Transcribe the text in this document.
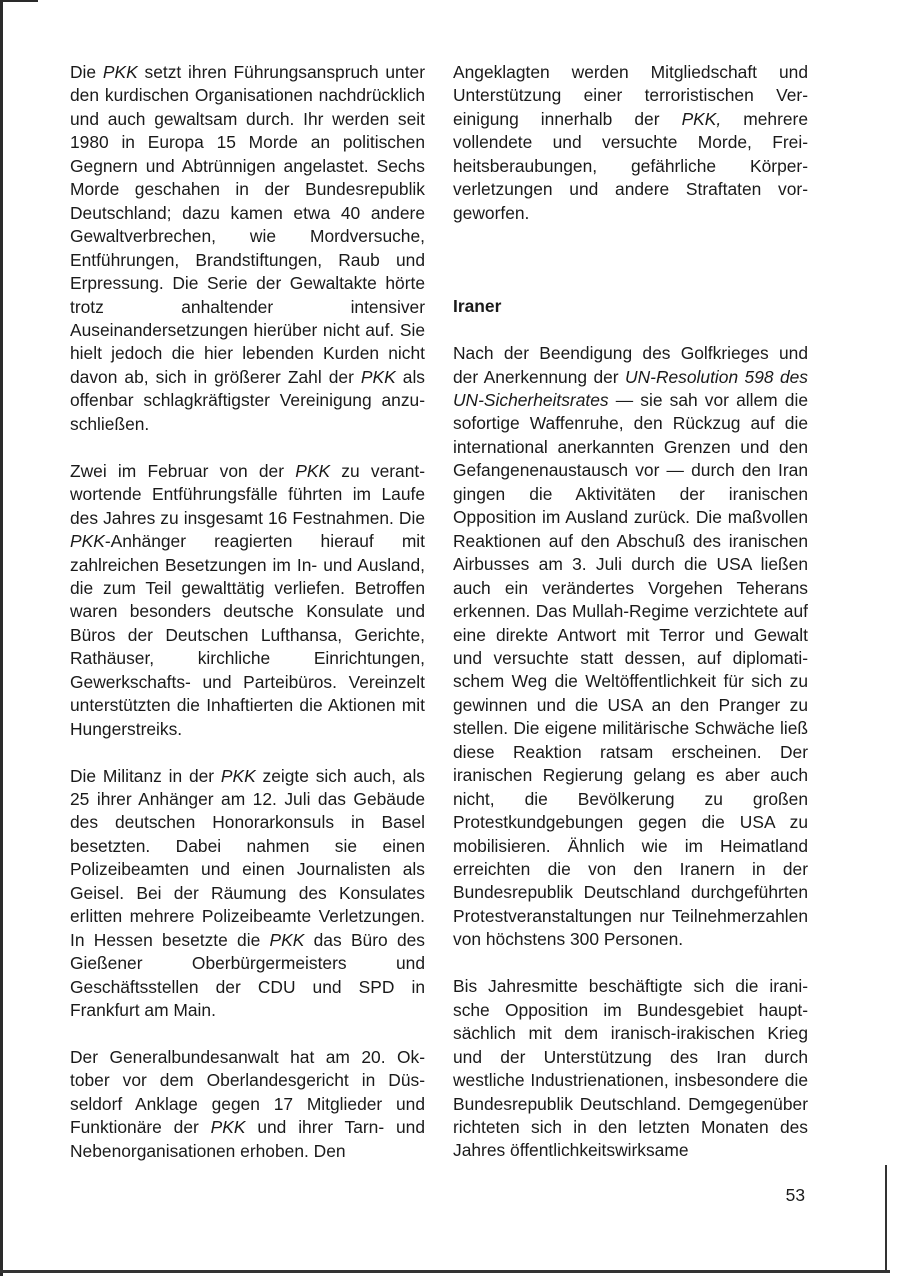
Die PKK setzt ihren Führungsanspruch unter den kurdischen Organisationen nachdrücklich und auch gewaltsam durch. Ihr werden seit 1980 in Europa 15 Morde an politischen Gegnern und Abtrünnigen angelastet. Sechs Morde geschahen in der Bundesrepublik Deutschland; dazu kamen etwa 40 andere Gewaltverbrechen, wie Mordversuche, Entführungen, Brandstiftungen, Raub und Erpressung. Die Serie der Gewaltakte hörte trotz anhaltender intensiver Auseinandersetzungen hierüber nicht auf. Sie hielt jedoch die hier lebenden Kurden nicht davon ab, sich in größerer Zahl der PKK als offenbar schlagkräftigster Vereinigung anzuschließen.

Zwei im Februar von der PKK zu verantwortende Entführungsfälle führten im Laufe des Jahres zu insgesamt 16 Festnahmen. Die PKK-Anhänger reagierten hierauf mit zahlreichen Besetzungen im In- und Ausland, die zum Teil gewalttätig verliefen. Betroffen waren besonders deutsche Konsulate und Büros der Deutschen Lufthansa, Gerichte, Rathäuser, kirchliche Einrichtungen, Gewerkschafts- und Parteibüros. Vereinzelt unterstützten die Inhaftierten die Aktionen mit Hungerstreiks.

Die Militanz in der PKK zeigte sich auch, als 25 ihrer Anhänger am 12. Juli das Gebäude des deutschen Honorarkonsuls in Basel besetzten. Dabei nahmen sie einen Polizeibeamten und einen Journalisten als Geisel. Bei der Räumung des Konsulates erlitten mehrere Polizeibeamte Verletzungen. In Hessen besetzte die PKK das Büro des Gießener Oberbürgermeisters und Geschäftsstellen der CDU und SPD in Frankfurt am Main.

Der Generalbundesanwalt hat am 20. Oktober vor dem Oberlandesgericht in Düsseldorf Anklage gegen 17 Mitglieder und Funktionäre der PKK und ihrer Tarn- und Nebenorganisationen erhoben. Den

Angeklagten werden Mitgliedschaft und Unterstützung einer terroristischen Vereinigung innerhalb der PKK, mehrere vollendete und versuchte Morde, Freiheitsberaubungen, gefährliche Körperverletzungen und andere Straftaten vorgeworfen.

Iraner

Nach der Beendigung des Golfkrieges und der Anerkennung der UN-Resolution 598 des UN-Sicherheitsrates — sie sah vor allem die sofortige Waffenruhe, den Rückzug auf die international anerkannten Grenzen und den Gefangenenaustausch vor — durch den Iran gingen die Aktivitäten der iranischen Opposition im Ausland zurück. Die maßvollen Reaktionen auf den Abschuß des iranischen Airbusses am 3. Juli durch die USA ließen auch ein verändertes Vorgehen Teherans erkennen. Das Mullah-Regime verzichtete auf eine direkte Antwort mit Terror und Gewalt und versuchte statt dessen, auf diplomatischem Weg die Weltöffentlichkeit für sich zu gewinnen und die USA an den Pranger zu stellen. Die eigene militärische Schwäche ließ diese Reaktion ratsam erscheinen. Der iranischen Regierung gelang es aber auch nicht, die Bevölkerung zu großen Protestkundgebungen gegen die USA zu mobilisieren. Ähnlich wie im Heimatland erreichten die von den Iranern in der Bundesrepublik Deutschland durchgeführten Protestveranstaltungen nur Teilnehmerzahlen von höchstens 300 Personen.

Bis Jahresmitte beschäftigte sich die iranische Opposition im Bundesgebiet hauptsächlich mit dem iranisch-irakischen Krieg und der Unterstützung des Iran durch westliche Industrienationen, insbesondere die Bundesrepublik Deutschland. Demgegenüber richteten sich in den letzten Monaten des Jahres öffentlichkeitswirksame

53
